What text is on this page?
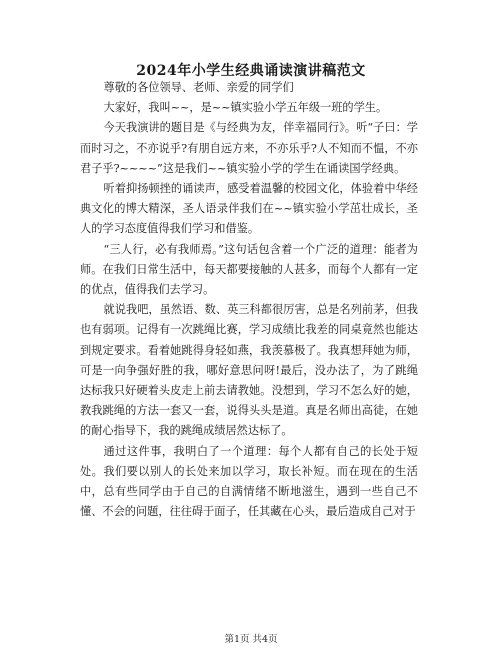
2024年小学生经典诵读演讲稿范文

尊敬的各位领导、老师、亲爱的同学们

大家好，我叫~~，是~~镇实验小学五年级一班的学生。

今天我演讲的题目是《与经典为友，伴幸福同行》。听“子曰：学而时习之，不亦说乎?有朋自远方来，不亦乐乎?人不知而不愠，不亦君子乎?~~~~”这是我们~~镇实验小学的学生在诵读国学经典。

听着抑扬顿挫的诵读声，感受着温馨的校园文化，体验着中华经典文化的博大精深，圣人语录伴我们在~~镇实验小学茁壮成长，圣人的学习态度值得我们学习和借鉴。

“三人行，必有我师焉。”这句话包含着一个广泛的道理：能者为师。在我们日常生活中，每天都要接触的人甚多，而每个人都有一定的优点，值得我们去学习。

就说我吧，虽然语、数、英三科都很厉害，总是名列前茅，但我也有弱项。记得有一次跳绳比赛，学习成绩比我差的同桌竟然也能达到规定要求。看着她跳得身轻如燕，我羡慕极了。我真想拜她为师，可是一向争强好胜的我，哪好意思问呀!最后，没办法了，为了跳绳达标我只好硬着头皮走上前去请教她。没想到，学习不怎么好的她，教我跳绳的方法一套又一套，说得头头是道。真是名师出高徒，在她的耐心指导下，我的跳绳成绩居然达标了。

通过这件事，我明白了一个道理：每个人都有自己的长处于短处。我们要以别人的长处来加以学习，取长补短。而在现在的生活中，总有些同学由于自己的自满情绪不断地滋生，遇到一些自己不懂、不会的问题，往往碍于面子，任其藏在心头，最后造成自己对于

第1页 共4页
